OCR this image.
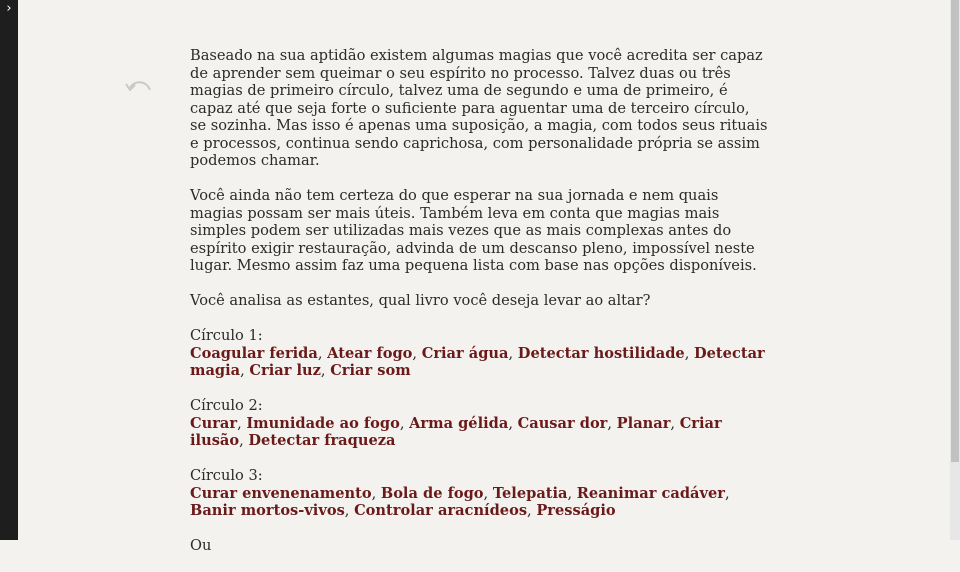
›

Baseado na sua aptidão existem algumas magias que você acredita ser capaz de aprender sem queimar o seu espírito no processo. Talvez duas ou três magias de primeiro círculo, talvez uma de segundo e uma de primeiro, é capaz até que seja forte o suficiente para aguentar uma de terceiro círculo, se sozinha. Mas isso é apenas uma suposição, a magia, com todos seus rituais e processos, continua sendo caprichosa, com personalidade própria se assim podemos chamar.

Você ainda não tem certeza do que esperar na sua jornada e nem quais magias possam ser mais úteis. Também leva em conta que magias mais simples podem ser utilizadas mais vezes que as mais complexas antes do espírito exigir restauração, advinda de um descanso pleno, impossível neste lugar. Mesmo assim faz uma pequena lista com base nas opções disponíveis.

Você analisa as estantes, qual livro você deseja levar ao altar?

Círculo 1:
Coagular ferida, Atear fogo, Criar água, Detectar hostilidade, Detectar magia, Criar luz, Criar som

Círculo 2:
Curar, Imunidade ao fogo, Arma gélida, Causar dor, Planar, Criar ilusão, Detectar fraqueza

Círculo 3:
Curar envenenamento, Bola de fogo, Telepatia, Reanimar cadáver, Banir mortos-vivos, Controlar aracnídeos, Presságio

Ou
